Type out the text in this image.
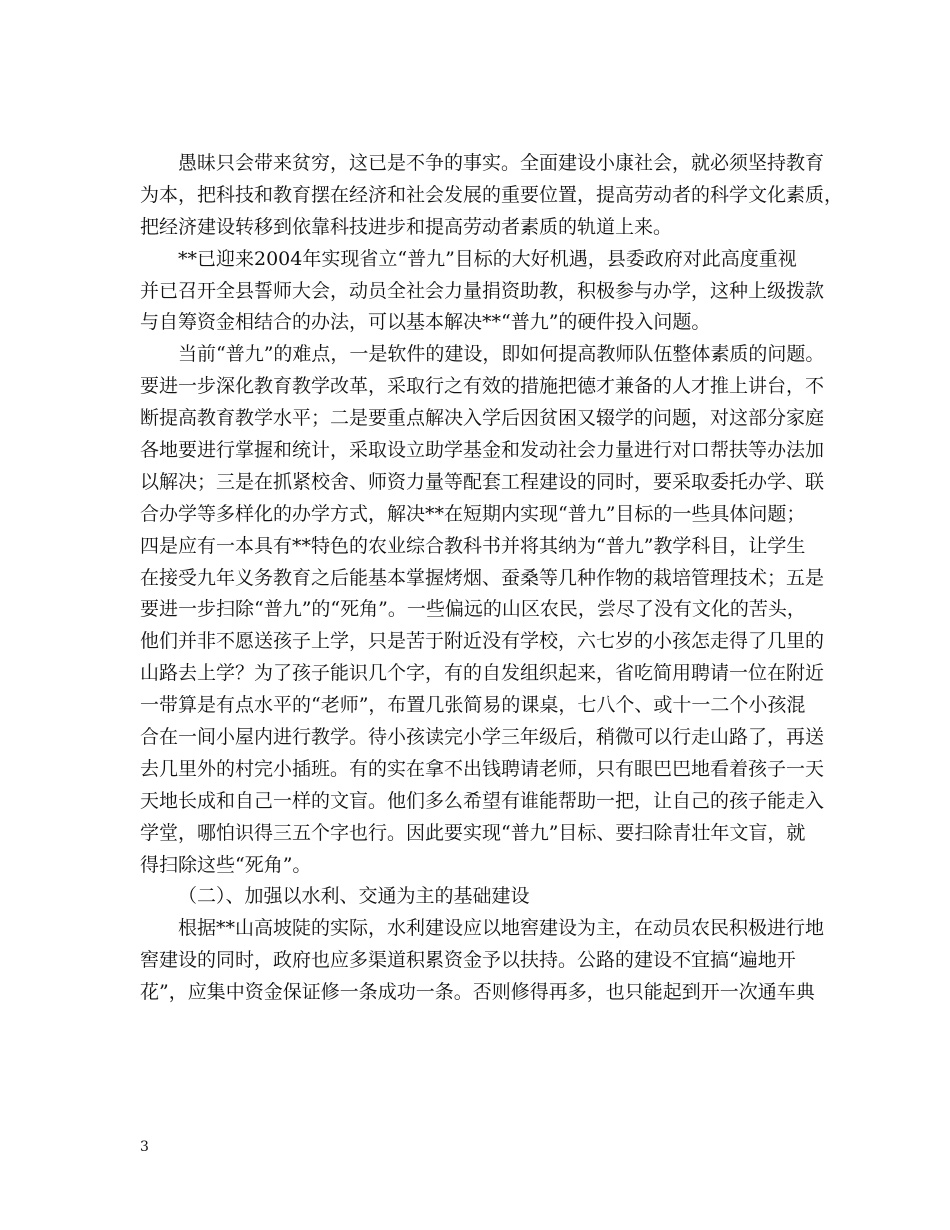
愚昧只会带来贫穷，这已是不争的事实。全面建设小康社会，就必须坚持教育
为本，把科技和教育摆在经济和社会发展的重要位置，提高劳动者的科学文化素质，
把经济建设转移到依靠科技进步和提高劳动者素质的轨道上来。
**已迎来2004年实现省立“普九”目标的大好机遇，县委政府对此高度重视
并已召开全县誓师大会，动员全社会力量捐资助教，积极参与办学，这种上级拨款
与自筹资金相结合的办法，可以基本解决**“普九”的硬件投入问题。
当前“普九”的难点，一是软件的建设，即如何提高教师队伍整体素质的问题。
要进一步深化教育教学改革，采取行之有效的措施把德才兼备的人才推上讲台，不
断提高教育教学水平；二是要重点解决入学后因贫困又辍学的问题，对这部分家庭
各地要进行掌握和统计，采取设立助学基金和发动社会力量进行对口帮扶等办法加
以解决；三是在抓紧校舍、师资力量等配套工程建设的同时，要采取委托办学、联
合办学等多样化的办学方式，解决**在短期内实现“普九”目标的一些具体问题；
四是应有一本具有**特色的农业综合教科书并将其纳为“普九”教学科目，让学生
在接受九年义务教育之后能基本掌握烤烟、蚕桑等几种作物的栽培管理技术；五是
要进一步扫除“普九”的“死角”。一些偏远的山区农民，尝尽了没有文化的苦头，
他们并非不愿送孩子上学，只是苦于附近没有学校，六七岁的小孩怎走得了几里的
山路去上学？为了孩子能识几个字，有的自发组织起来，省吃简用聘请一位在附近
一带算是有点水平的“老师”，布置几张简易的课桌，七八个、或十一二个小孩混
合在一间小屋内进行教学。待小孩读完小学三年级后，稍微可以行走山路了，再送
去几里外的村完小插班。有的实在拿不出钱聘请老师，只有眼巴巴地看着孩子一天
天地长成和自己一样的文盲。他们多么希望有谁能帮助一把，让自己的孩子能走入
学堂，哪怕识得三五个字也行。因此要实现“普九”目标、要扫除青壮年文盲，就
得扫除这些“死角”。
（二）、加强以水利、交通为主的基础建设
根据**山高坡陡的实际，水利建设应以地窖建设为主，在动员农民积极进行地
窖建设的同时，政府也应多渠道积累资金予以扶持。公路的建设不宜搞“遍地开
花”，应集中资金保证修一条成功一条。否则修得再多，也只能起到开一次通车典
3
